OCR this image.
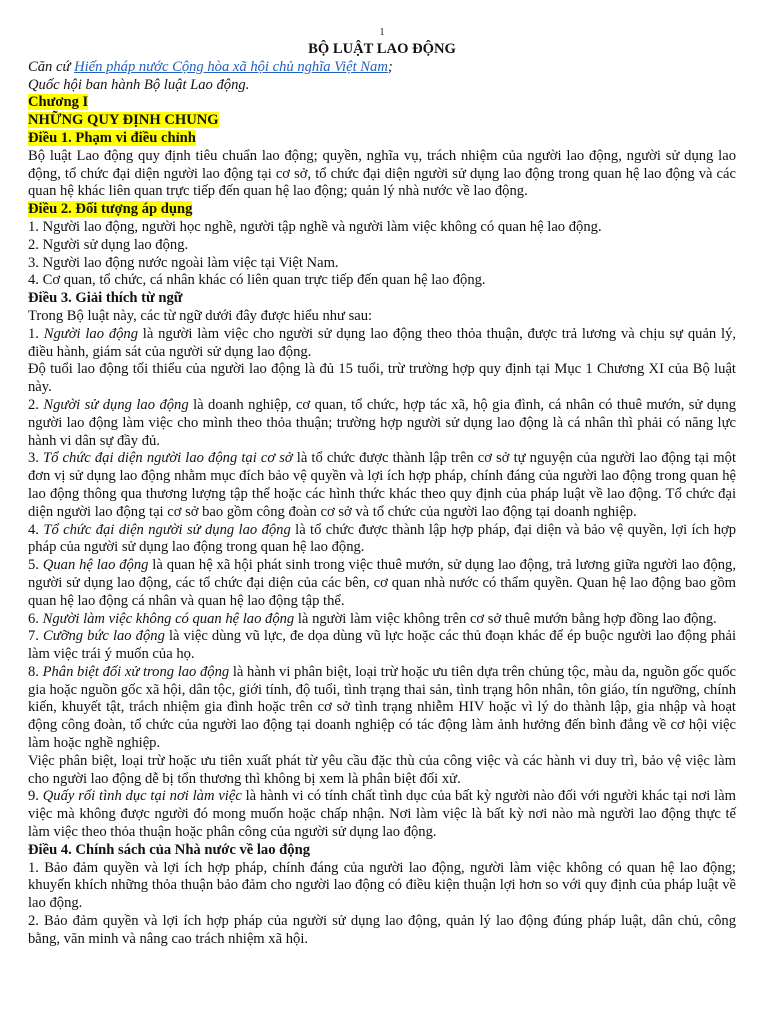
1

BỘ LUẬT LAO ĐỘNG

Căn cứ Hiến pháp nước Cộng hòa xã hội chủ nghĩa Việt Nam;

Quốc hội ban hành Bộ luật Lao động.

Chương I

NHỮNG QUY ĐỊNH CHUNG

Điều 1. Phạm vi điều chỉnh

Bộ luật Lao động quy định tiêu chuẩn lao động; quyền, nghĩa vụ, trách nhiệm của người lao động, người sử dụng lao động, tổ chức đại diện người lao động tại cơ sở, tổ chức đại diện người sử dụng lao động trong quan hệ lao động và các quan hệ khác liên quan trực tiếp đến quan hệ lao động; quản lý nhà nước về lao động.

Điều 2. Đối tượng áp dụng

1. Người lao động, người học nghề, người tập nghề và người làm việc không có quan hệ lao động.

2. Người sử dụng lao động.

3. Người lao động nước ngoài làm việc tại Việt Nam.

4. Cơ quan, tổ chức, cá nhân khác có liên quan trực tiếp đến quan hệ lao động.

Điều 3. Giải thích từ ngữ

Trong Bộ luật này, các từ ngữ dưới đây được hiểu như sau:

1. Người lao động là người làm việc cho người sử dụng lao động theo thỏa thuận, được trả lương và chịu sự quản lý, điều hành, giám sát của người sử dụng lao động.

Độ tuổi lao động tối thiểu của người lao động là đủ 15 tuổi, trừ trường hợp quy định tại Mục 1 Chương XI của Bộ luật này.

2. Người sử dụng lao động là doanh nghiệp, cơ quan, tổ chức, hợp tác xã, hộ gia đình, cá nhân có thuê mướn, sử dụng người lao động làm việc cho mình theo thỏa thuận; trường hợp người sử dụng lao động là cá nhân thì phải có năng lực hành vi dân sự đầy đủ.

3. Tổ chức đại diện người lao động tại cơ sở là tổ chức được thành lập trên cơ sở tự nguyện của người lao động tại một đơn vị sử dụng lao động nhằm mục đích bảo vệ quyền và lợi ích hợp pháp, chính đáng của người lao động trong quan hệ lao động thông qua thương lượng tập thể hoặc các hình thức khác theo quy định của pháp luật về lao động. Tổ chức đại diện người lao động tại cơ sở bao gồm công đoàn cơ sở và tổ chức của người lao động tại doanh nghiệp.

4. Tổ chức đại diện người sử dụng lao động là tổ chức được thành lập hợp pháp, đại diện và bảo vệ quyền, lợi ích hợp pháp của người sử dụng lao động trong quan hệ lao động.

5. Quan hệ lao động là quan hệ xã hội phát sinh trong việc thuê mướn, sử dụng lao động, trả lương giữa người lao động, người sử dụng lao động, các tổ chức đại diện của các bên, cơ quan nhà nước có thẩm quyền. Quan hệ lao động bao gồm quan hệ lao động cá nhân và quan hệ lao động tập thể.

6. Người làm việc không có quan hệ lao động là người làm việc không trên cơ sở thuê mướn bằng hợp đồng lao động.

7. Cưỡng bức lao động là việc dùng vũ lực, đe dọa dùng vũ lực hoặc các thủ đoạn khác để ép buộc người lao động phải làm việc trái ý muốn của họ.

8. Phân biệt đối xử trong lao động là hành vi phân biệt, loại trừ hoặc ưu tiên dựa trên chủng tộc, màu da, nguồn gốc quốc gia hoặc nguồn gốc xã hội, dân tộc, giới tính, độ tuổi, tình trạng thai sản, tình trạng hôn nhân, tôn giáo, tín ngưỡng, chính kiến, khuyết tật, trách nhiệm gia đình hoặc trên cơ sở tình trạng nhiễm HIV hoặc vì lý do thành lập, gia nhập và hoạt động công đoàn, tổ chức của người lao động tại doanh nghiệp có tác động làm ảnh hưởng đến bình đẳng về cơ hội việc làm hoặc nghề nghiệp.

Việc phân biệt, loại trừ hoặc ưu tiên xuất phát từ yêu cầu đặc thù của công việc và các hành vi duy trì, bảo vệ việc làm cho người lao động dễ bị tổn thương thì không bị xem là phân biệt đối xử.

9. Quấy rối tình dục tại nơi làm việc là hành vi có tính chất tình dục của bất kỳ người nào đối với người khác tại nơi làm việc mà không được người đó mong muốn hoặc chấp nhận. Nơi làm việc là bất kỳ nơi nào mà người lao động thực tế làm việc theo thỏa thuận hoặc phân công của người sử dụng lao động.

Điều 4. Chính sách của Nhà nước về lao động

1. Bảo đảm quyền và lợi ích hợp pháp, chính đáng của người lao động, người làm việc không có quan hệ lao động; khuyến khích những thỏa thuận bảo đảm cho người lao động có điều kiện thuận lợi hơn so với quy định của pháp luật về lao động.

2. Bảo đảm quyền và lợi ích hợp pháp của người sử dụng lao động, quản lý lao động đúng pháp luật, dân chủ, công bằng, văn minh và nâng cao trách nhiệm xã hội.
